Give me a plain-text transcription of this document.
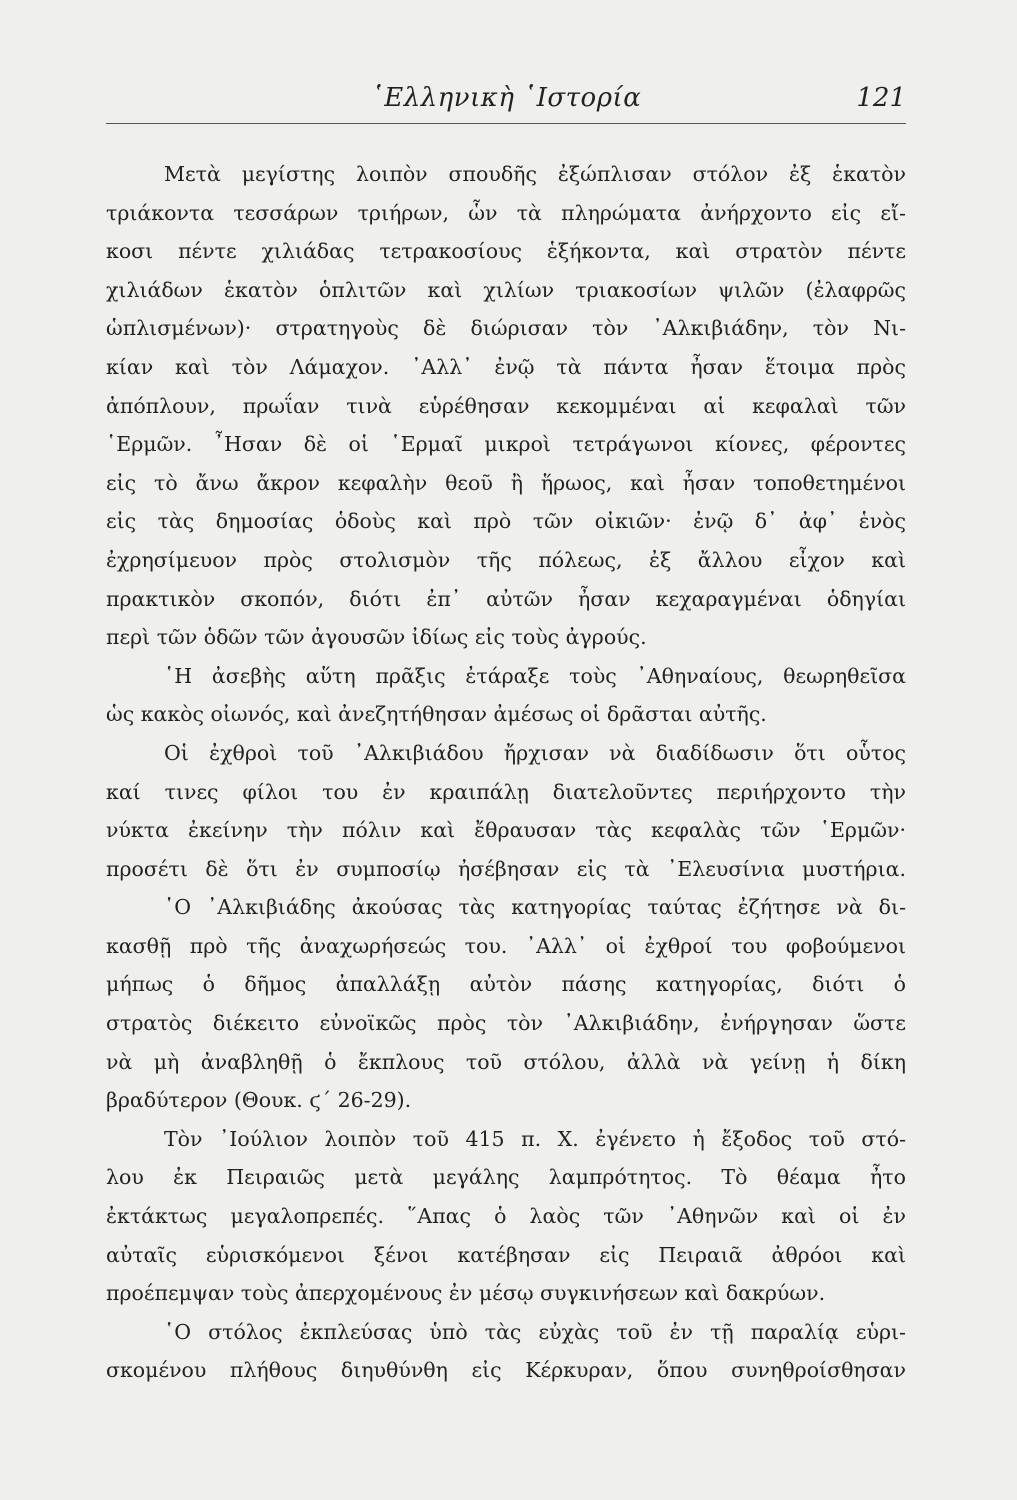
῾Ελληνικὴ ῾Ιστορία	121
Μετὰ μεγίστης λοιπὸν σπουδῆς ἐξώπλισαν στόλον ἐξ ἑκατὸν
τριάκοντα τεσσάρων τριήρων, ὧν τὰ πληρώματα ἀνήρχοντο εἰς εἴ-
κοσι πέντε χιλιάδας τετρακοσίους ἑξήκοντα, καὶ στρατὸν πέντε
χιλιάδων ἑκατὸν ὁπλιτῶν καὶ χιλίων τριακοσίων ψιλῶν (ἐλαφρῶς
ὡπλισμένων)· στρατηγοὺς δὲ διώρισαν τὸν ᾿Αλκιβιάδην, τὸν Νι-
κίαν καὶ τὸν Λάμαχον. ᾿Αλλ᾿ ἐνῷ τὰ πάντα ἦσαν ἕτοιμα πρὸς
ἀπόπλουν, πρωΐαν τινὰ εὑρέθησαν κεκομμέναι αἱ κεφαλαὶ τῶν
῾Ερμῶν. ῏Ησαν δὲ οἱ ῾Ερμαῖ μικροὶ τετράγωνοι κίονες, φέροντες
εἰς τὸ ἄνω ἄκρον κεφαλὴν θεοῦ ἢ ἥρωος, καὶ ἦσαν τοποθετημένοι
εἰς τὰς δημοσίας ὁδοὺς καὶ πρὸ τῶν οἰκιῶν· ἐνῷ δ᾿ ἀφ᾿ ἑνὸς
ἐχρησίμευον πρὸς στολισμὸν τῆς πόλεως, ἐξ ἄλλου εἶχον καὶ
πρακτικὸν σκοπόν, διότι ἐπ᾿ αὐτῶν ἦσαν κεχαραγμέναι ὁδηγίαι
περὶ τῶν ὁδῶν τῶν ἀγουσῶν ἰδίως εἰς τοὺς ἀγρούς.
῾Η ἀσεβὴς αὕτη πρᾶξις ἐτάραξε τοὺς ᾿Αθηναίους, θεωρηθεῖσα
ὡς κακὸς οἰωνός, καὶ ἀνεζητήθησαν ἀμέσως οἱ δρᾶσται αὐτῆς.
Οἱ ἐχθροὶ τοῦ ᾿Αλκιβιάδου ἤρχισαν νὰ διαδίδωσιν ὅτι οὗτος
καί τινες φίλοι του ἐν κραιπάλῃ διατελοῦντες περιήρχοντο τὴν
νύκτα ἐκείνην τὴν πόλιν καὶ ἔθραυσαν τὰς κεφαλὰς τῶν ῾Ερμῶν·
προσέτι δὲ ὅτι ἐν συμποσίῳ ἠσέβησαν εἰς τὰ ᾿Ελευσίνια μυστήρια.
῾Ο ᾿Αλκιβιάδης ἀκούσας τὰς κατηγορίας ταύτας ἐζήτησε νὰ δι-
κασθῇ πρὸ τῆς ἀναχωρήσεώς του. ᾿Αλλ᾿ οἱ ἐχθροί του φοβούμενοι
μήπως ὁ δῆμος ἀπαλλάξῃ αὐτὸν πάσης κατηγορίας, διότι ὁ
στρατὸς διέκειτο εὐνοϊκῶς πρὸς τὸν ᾿Αλκιβιάδην, ἐνήργησαν ὥστε
νὰ μὴ ἀναβληθῇ ὁ ἔκπλους τοῦ στόλου, ἀλλὰ νὰ γείνῃ ἡ δίκη
βραδύτερον (Θουκ. ϛ΄ 26-29).
Τὸν ᾿Ιούλιον λοιπὸν τοῦ 415 π. Χ. ἐγένετο ἡ ἔξοδος τοῦ στό-
λου ἐκ Πειραιῶς μετὰ μεγάλης λαμπρότητος. Τὸ θέαμα ἦτο
ἐκτάκτως μεγαλοπρεπές. ῞Απας ὁ λαὸς τῶν ᾿Αθηνῶν καὶ οἱ ἐν
αὐταῖς εὑρισκόμενοι ξένοι κατέβησαν εἰς Πειραιᾶ ἀθρόοι καὶ
προέπεμψαν τοὺς ἀπερχομένους ἐν μέσῳ συγκινήσεων καὶ δακρύων.
῾Ο στόλος ἐκπλεύσας ὑπὸ τὰς εὐχὰς τοῦ ἐν τῇ παραλίᾳ εὑρι-
σκομένου πλήθους διηυθύνθη εἰς Κέρκυραν, ὅπου συνηθροίσθησαν
